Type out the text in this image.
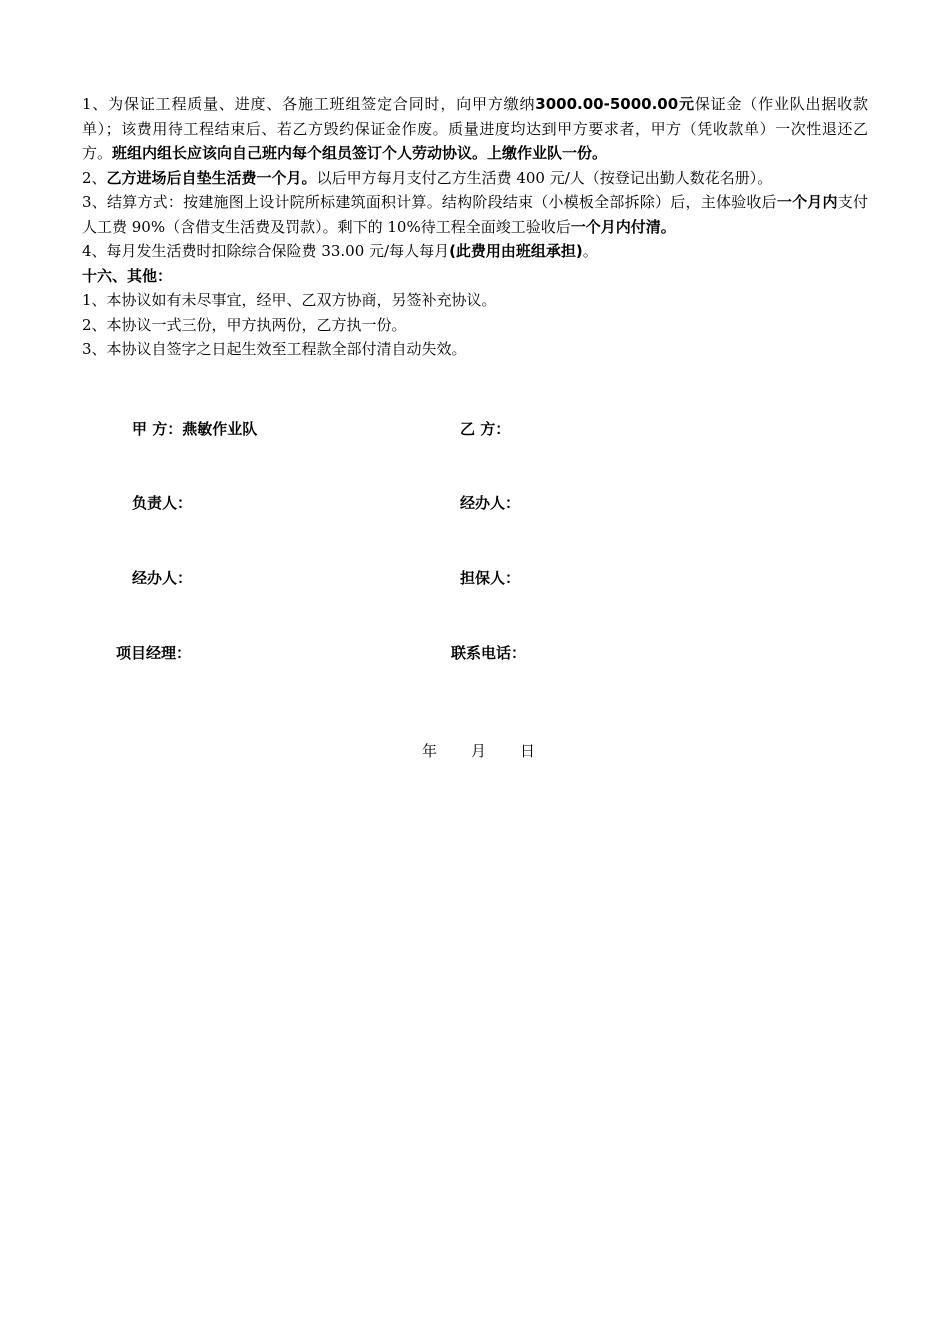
1、为保证工程质量、进度、各施工班组签定合同时，向甲方缴纳3000.00-5000.00元保证金（作业队出据收款单）；该费用待工程结束后、若乙方毁约保证金作废。质量进度均达到甲方要求者，甲方（凭收款单）一次性退还乙方。班组内组长应该向自己班内每个组员签订个人劳动协议。上缴作业队一份。

2、乙方进场后自垫生活费一个月。以后甲方每月支付乙方生活费 400 元/人（按登记出勤人数花名册）。

3、结算方式：按建施图上设计院所标建筑面积计算。结构阶段结束（小模板全部拆除）后，主体验收后一个月内支付人工费 90%（含借支生活费及罚款）。剩下的 10%待工程全面竣工验收后一个月内付清。

4、每月发生活费时扣除综合保险费 33.00 元/每人每月(此费用由班组承担)。

十六、其他：

1、本协议如有未尽事宜，经甲、乙双方协商，另签补充协议。

2、本协议一式三份，甲方执两份，乙方执一份。

3、本协议自签字之日起生效至工程款全部付清自动失效。

甲 方：燕敏作业队	乙 方：
负责人：	经办人：
经办人：	担保人：
项目经理：	联系电话：
年 月 日
